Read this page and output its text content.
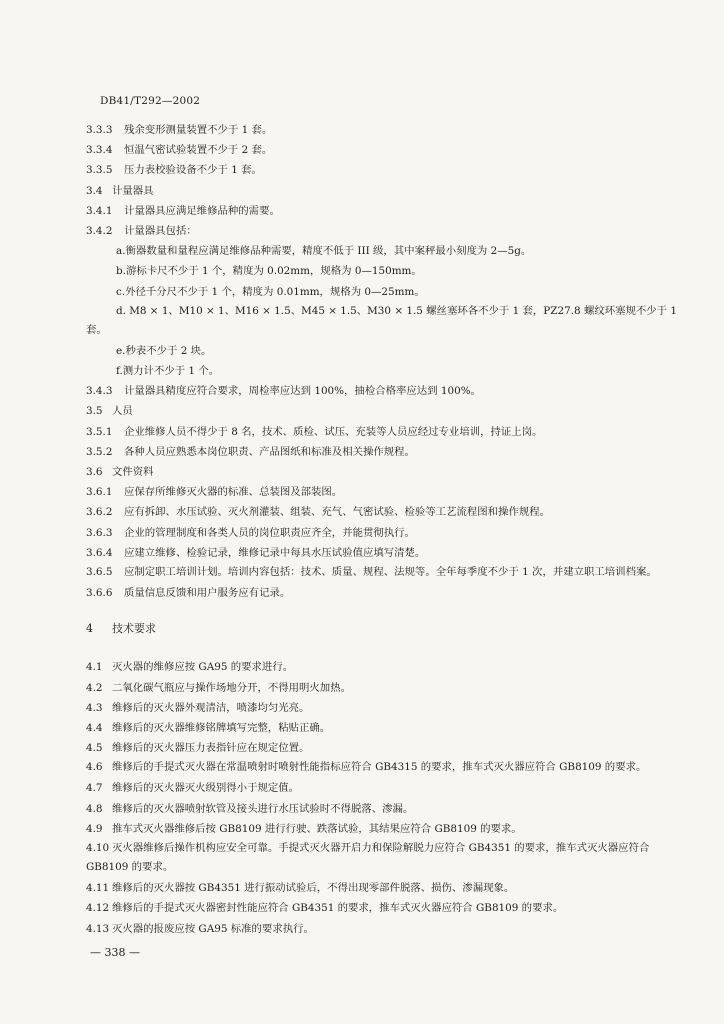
DB41/T292—2002
3.3.3 残余变形测量装置不少于 1 套。
3.3.4 恒温气密试验装置不少于 2 套。
3.3.5 压力表校验设备不少于 1 套。
3.4 计量器具
3.4.1 计量器具应满足维修品种的需要。
3.4.2 计量器具包括：
a.衡器数量和量程应满足维修品种需要，精度不低于 III 级，其中案秤最小刻度为 2—5g。
b.游标卡尺不少于 1 个，精度为 0.02mm，规格为 0—150mm。
c.外径千分尺不少于 1 个，精度为 0.01mm，规格为 0—25mm。
d. M8 × 1、M10 × 1、M16 × 1.5、M45 × 1.5、M30 × 1.5 螺丝塞环各不少于 1 套，PZ27.8 螺纹环塞规不少于 1 套。
e.秒表不少于 2 块。
f.测力计不少于 1 个。
3.4.3 计量器具精度应符合要求，周检率应达到 100%，抽检合格率应达到 100%。
3.5 人员
3.5.1 企业维修人员不得少于 8 名，技术、质检、试压、充装等人员应经过专业培训，持证上岗。
3.5.2 各种人员应熟悉本岗位职责、产品图纸和标准及相关操作规程。
3.6 文件资料
3.6.1 应保存所维修灭火器的标准、总装图及部装图。
3.6.2 应有拆卸、水压试验、灭火剂灌装、组装、充气、气密试验、检验等工艺流程图和操作规程。
3.6.3 企业的管理制度和各类人员的岗位职责应齐全，并能贯彻执行。
3.6.4 应建立维修、检验记录，维修记录中每具水压试验值应填写清楚。
3.6.5 应制定职工培训计划。培训内容包括：技术、质量、规程、法规等。全年每季度不少于 1 次，并建立职工培训档案。
3.6.6 质量信息反馈和用户服务应有记录。
4 技术要求
4.1 灭火器的维修应按 GA95 的要求进行。
4.2 二氧化碳气瓶应与操作场地分开，不得用明火加热。
4.3 维修后的灭火器外观清洁，喷漆均匀光亮。
4.4 维修后的灭火器维修铭牌填写完整，粘贴正确。
4.5 维修后的灭火器压力表指针应在规定位置。
4.6 维修后的手提式灭火器在常温喷射时喷射性能指标应符合 GB4315 的要求，推车式灭火器应符合 GB8109 的要求。
4.7 维修后的灭火器灭火级别得小于规定值。
4.8 维修后的灭火器喷射软管及接头进行水压试验时不得脱落、渗漏。
4.9 推车式灭火器维修后按 GB8109 进行行驶、跌落试验，其结果应符合 GB8109 的要求。
4.10 灭火器维修后操作机构应安全可靠。手提式灭火器开启力和保险解脱力应符合 GB4351 的要求，推车式灭火器应符合 GB8109 的要求。
4.11 维修后的灭火器按 GB4351 进行振动试验后，不得出现零部件脱落、损伤、渗漏现象。
4.12 维修后的手提式灭火器密封性能应符合 GB4351 的要求，推车式灭火器应符合 GB8109 的要求。
4.13 灭火器的报废应按 GA95 标准的要求执行。
— 338 —
